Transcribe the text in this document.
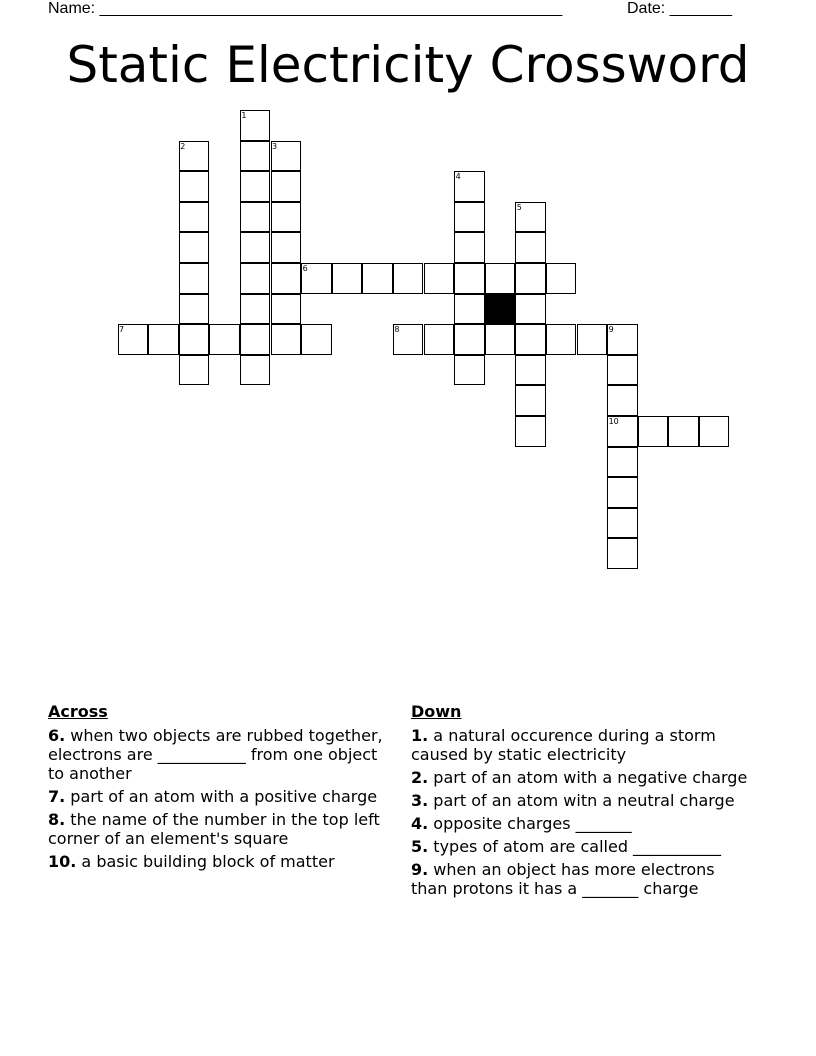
Name: ____________________________________________________	Date: _______
Static Electricity Crossword
1
2	3
4
5
6
7	8	9
10
Across
6. when two objects are rubbed together, electrons are ___________ from one object to another
7. part of an atom with a positive charge
8. the name of the number in the top left corner of an element's square
10. a basic building block of matter
Down
1. a natural occurence during a storm caused by static electricity
2. part of an atom with a negative charge
3. part of an atom witn a neutral charge
4. opposite charges _______
5. types of atom are called ___________
9. when an object has more electrons than protons it has a _______ charge
